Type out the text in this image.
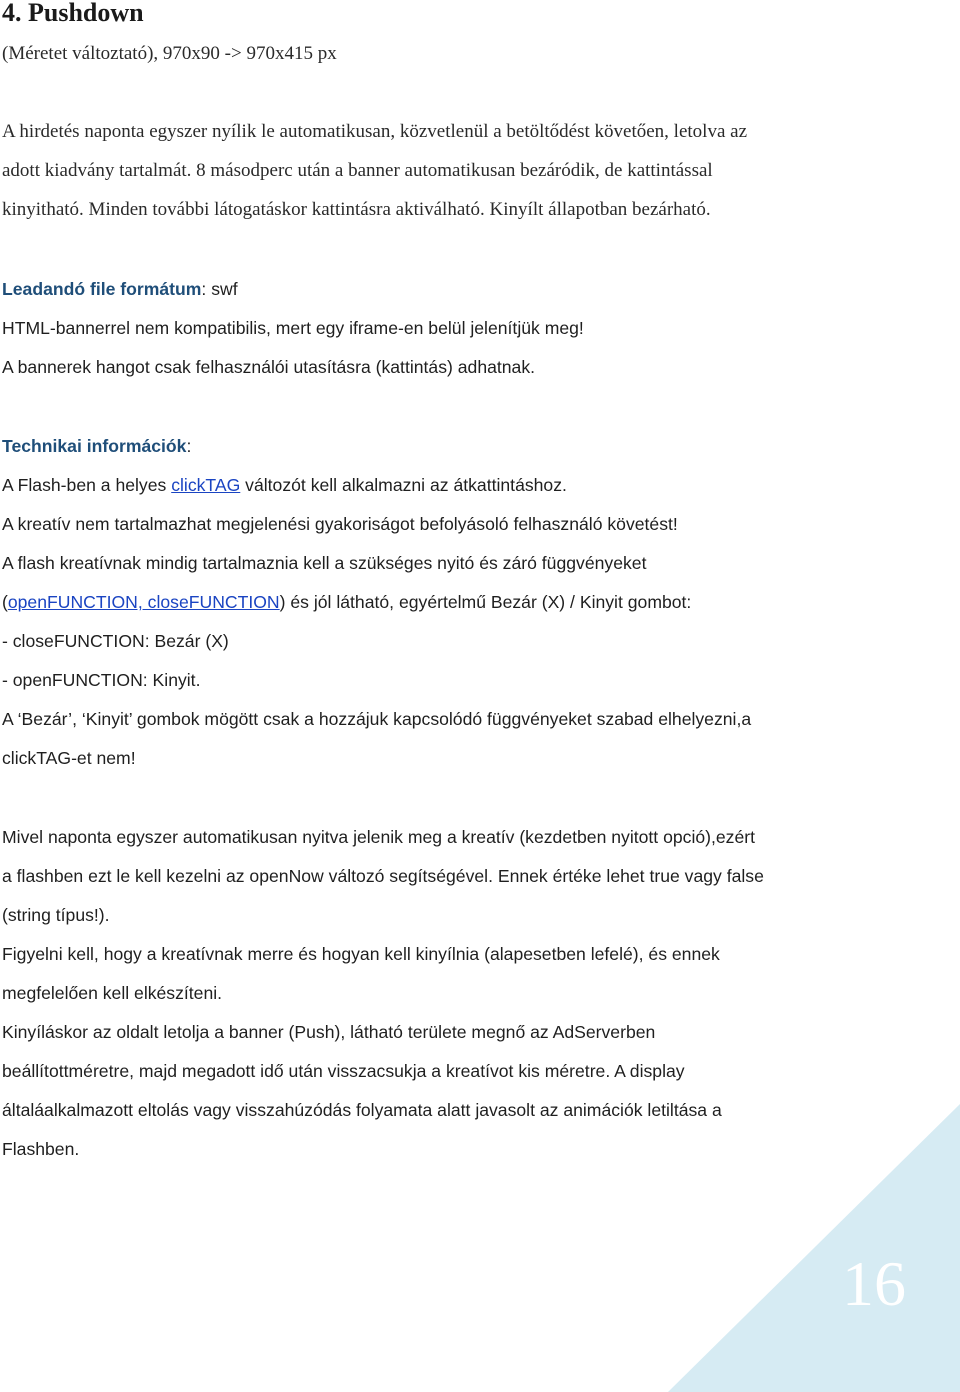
16
4. Pushdown

(Méretet változtató), 970x90 -> 970x415 px

A hirdetés naponta egyszer nyílik le automatikusan, közvetlenül a betöltődést követően, letolva az

adott kiadvány tartalmát. 8 másodperc után a banner automatikusan bezáródik, de kattintással

kinyitható. Minden további látogatáskor kattintásra aktiválható. Kinyílt állapotban bezárható.

Leadandó file formátum: swf

HTML-bannerrel nem kompatibilis, mert egy iframe-en belül jelenítjük meg!

A bannerek hangot csak felhasználói utasításra (kattintás) adhatnak.

Technikai információk:

A Flash-ben a helyes clickTAG változót kell alkalmazni az átkattintáshoz.

A kreatív nem tartalmazhat megjelenési gyakoriságot befolyásoló felhasználó követést!

A flash kreatívnak mindig tartalmaznia kell a szükséges nyitó és záró függvényeket

(openFUNCTION, closeFUNCTION) és jól látható, egyértelmű Bezár (X) / Kinyit gombot:

- closeFUNCTION: Bezár (X)

- openFUNCTION: Kinyit.

A ‘Bezár’, ‘Kinyit’ gombok mögött csak a hozzájuk kapcsolódó függvényeket szabad elhelyezni,a

clickTAG-et nem!

Mivel naponta egyszer automatikusan nyitva jelenik meg a kreatív (kezdetben nyitott opció),ezért

a flashben ezt le kell kezelni az openNow változó segítségével. Ennek értéke lehet true vagy false

(string típus!).

Figyelni kell, hogy a kreatívnak merre és hogyan kell kinyílnia (alapesetben lefelé), és ennek

megfelelően kell elkészíteni.

Kinyíláskor az oldalt letolja a banner (Push), látható területe megnő az AdServerben

beállítottméretre, majd megadott idő után visszacsukja a kreatívot kis méretre. A display

általáalkalmazott eltolás vagy visszahúzódás folyamata alatt javasolt az animációk letiltása a

Flashben.
